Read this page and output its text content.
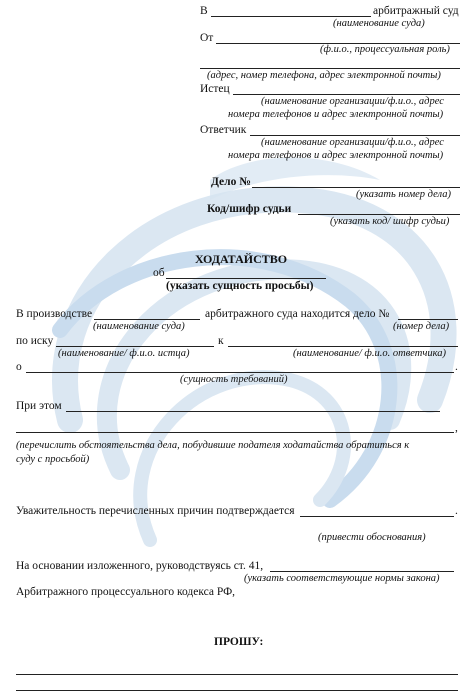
В	арбитражный суд
(наименование суда)
От
(ф.и.о., процессуальная роль)
(адрес, номер телефона, адрес электронной почты)
Истец
(наименование организации/ф.и.о., адрес
номера телефонов и адрес электронной почты)
Ответчик
(наименование организации/ф.и.о., адрес
номера телефонов и адрес электронной почты)
Дело №
(указать номер дела)
Код/шифр судьи
(указать код/ шифр судьи)
ХОДАТАЙСТВО
об
(указать сущность просьбы)
В производстве	арбитражного суда находится дело №
(наименование суда)	(номер дела)
по иску	к
(наименование/ ф.и.о. истца)	(наименование/ ф.и.о. ответчика)
о	.
(сущность требований)
При этом
,
(перечислить обстоятельства дела, побудившие подателя ходатайства обратиться к
суду с просьбой)
Уважительность перечисленных причин подтверждается	.
(привести обоснования)
На основании изложенного, руководствуясь ст. 41,
(указать соответствующие нормы закона)
Арбитражного процессуального кодекса РФ,
ПРОШУ:
